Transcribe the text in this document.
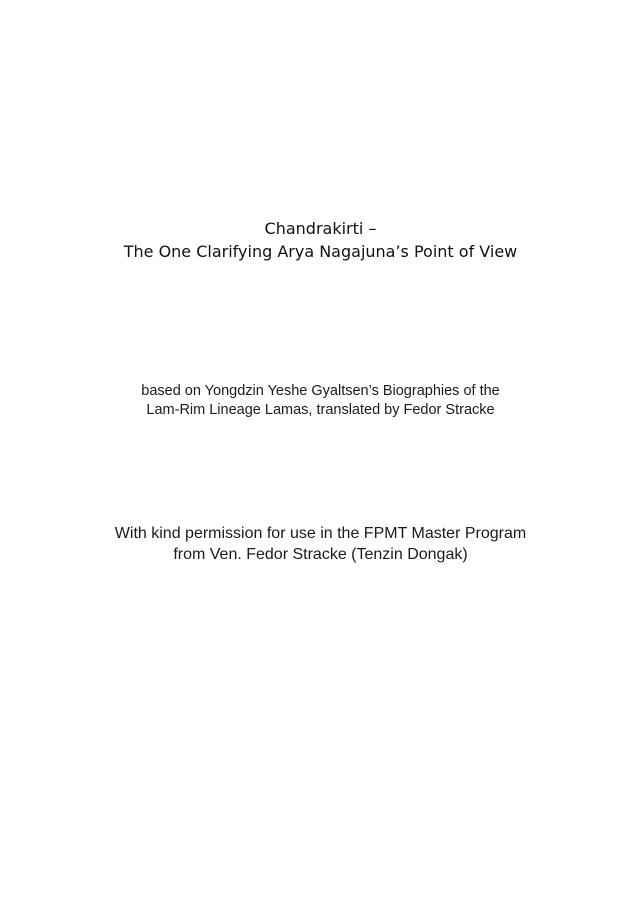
Chandrakirti –
The One Clarifying Arya Nagajuna’s Point of View
based on Yongdzin Yeshe Gyaltsen’s Biographies of the
Lam-Rim Lineage Lamas, translated by Fedor Stracke
With kind permission for use in the FPMT Master Program
from Ven. Fedor Stracke (Tenzin Dongak)
